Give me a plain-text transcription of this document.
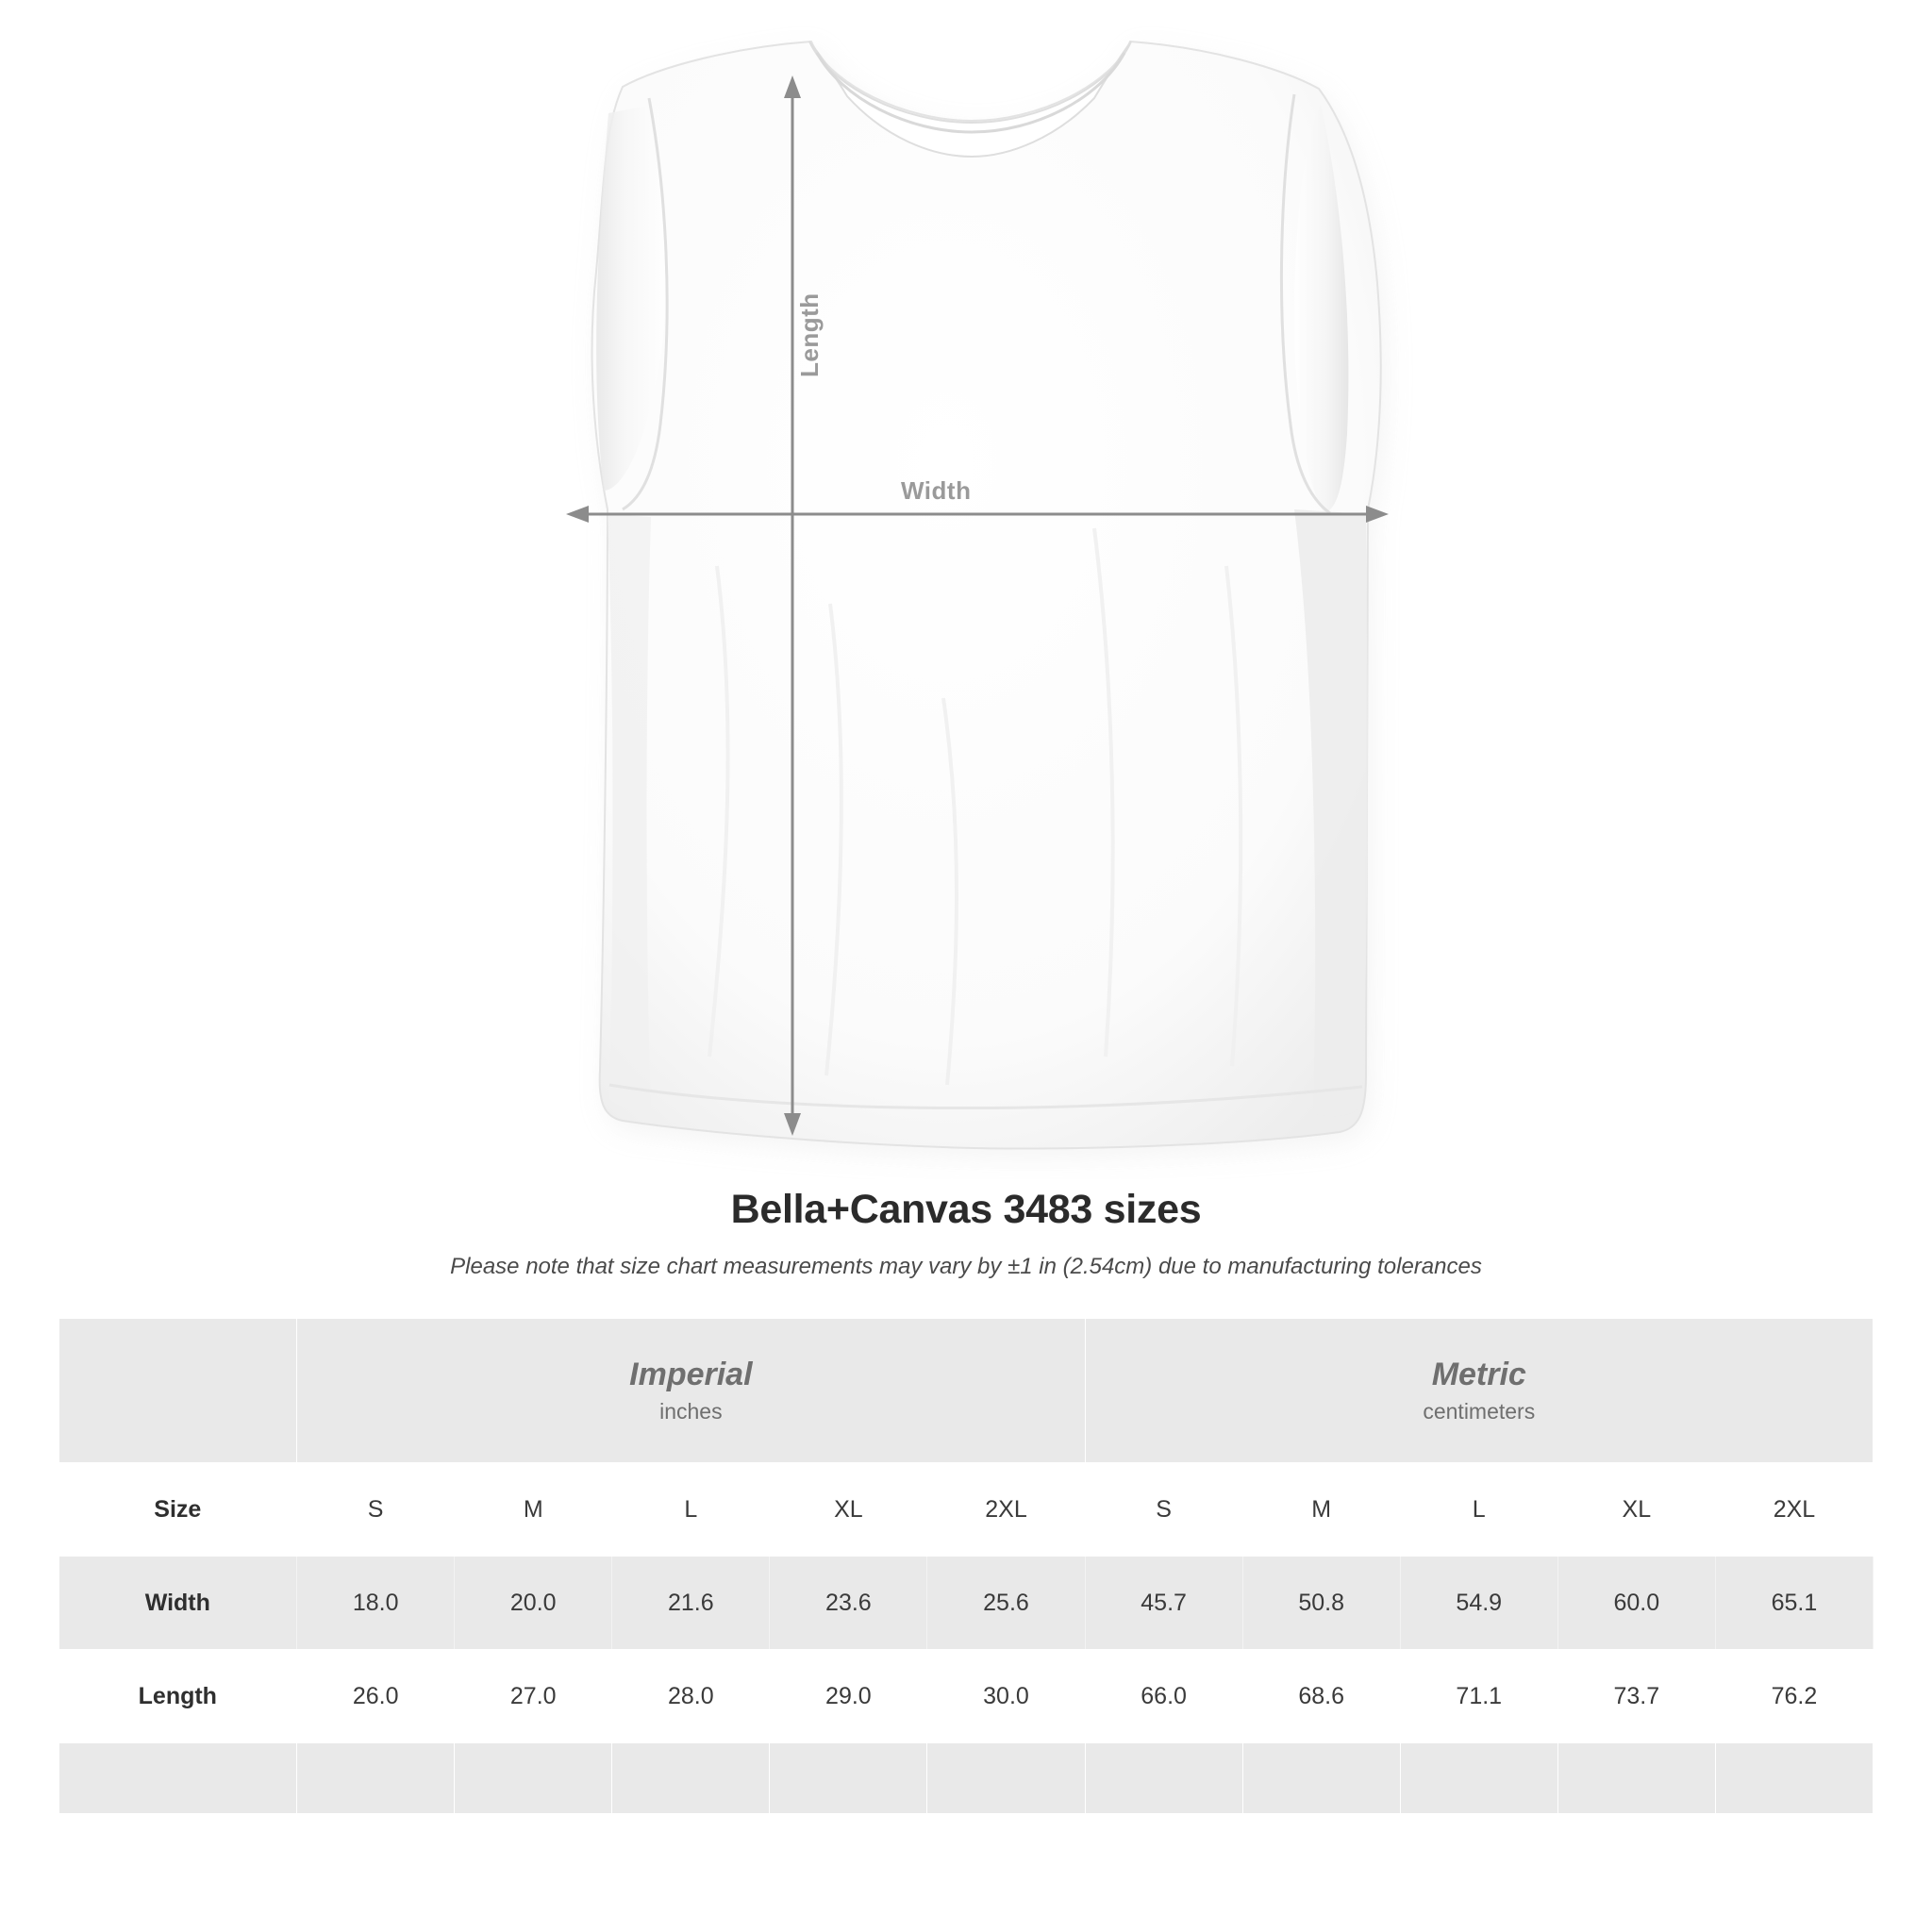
Length
Width
Bella+Canvas 3483 sizes

Please note that size chart measurements may vary by ±1 in (2.54cm) due to manufacturing tolerances

Imperial
inches

Metric
centimeters

Size	S	M	L	XL	2XL	S	M	L	XL	2XL
Width	18.0	20.0	21.6	23.6	25.6	45.7	50.8	54.9	60.0	65.1
Length	26.0	27.0	28.0	29.0	30.0	66.0	68.6	71.1	73.7	76.2
